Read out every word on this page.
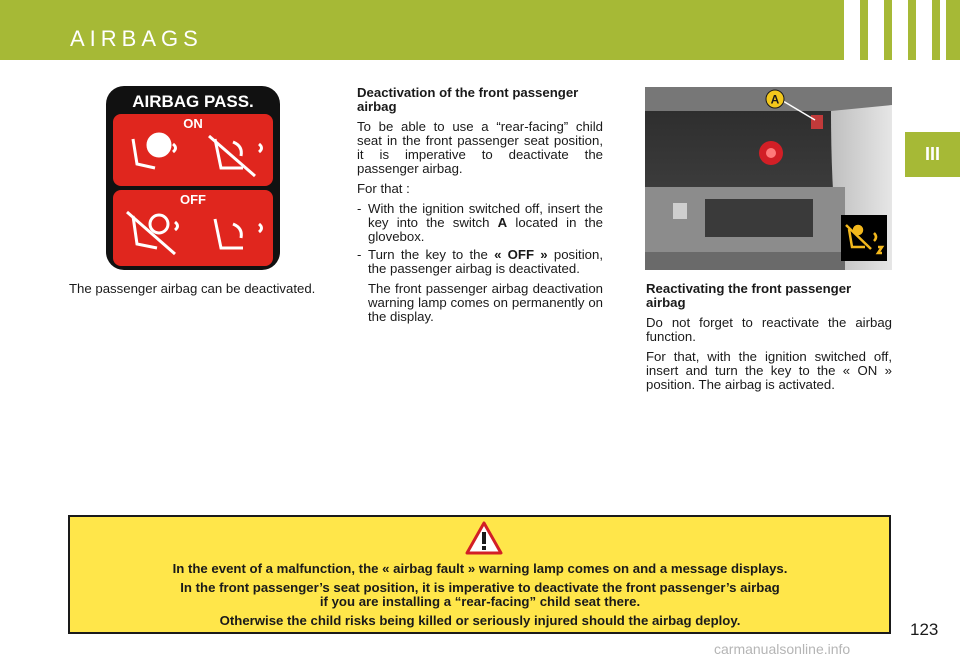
AIRBAGS
III
AIRBAG PASS.
ON
OFF

The passenger airbag can be deactivated.

Deactivation of the front passenger airbag

To be able to use a “rear-facing” child seat in the front passenger seat position, it is imperative to deactivate the passenger airbag.

For that :

- With the ignition switched off, insert the key into the switch A located in the glovebox.
- Turn the key to the « OFF » position, the passenger airbag is deactivated.

The front passenger airbag deactivation warning lamp comes on permanently on the display.

A
Reactivating the front passenger airbag

Do not forget to reactivate the airbag function.

For that, with the ignition switched off, insert and turn the key to the « ON » position. The airbag is activated.

In the event of a malfunction, the « airbag fault » warning lamp comes on and a message displays.

In the front passenger’s seat position, it is imperative to deactivate the front passenger’s airbag if you are installing a “rear-facing” child seat there.

Otherwise the child risks being killed or seriously injured should the airbag deploy.	123
carmanualsonline.info
